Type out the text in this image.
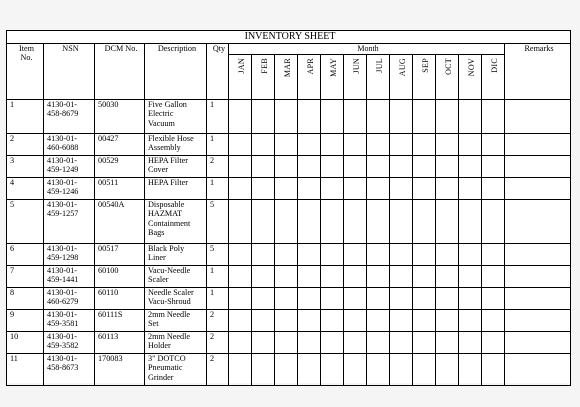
INVENTORY SHEET																	
Item
No.	NSN	DCM No.	Description	Qty	Month												Remarks
					JAN	FEB	MAR	APR	MAY	JUN	JUL	AUG	SEP	OCT	NOV	DIC	
1	4130-01-
458-8679	50030	Five Gallon
Electric
Vacuum	1													
2	4130-01-
460-6088	00427	Flexible Hose
Assembly	1													
3	4130-01-
459-1249	00529	HEPA Filter
Cover	2													
4	4130-01-
459-1246	00511	HEPA Filter	1													
5	4130-01-
459-1257	00540A	Disposable
HAZMAT
Containment
Bags	5													
6	4130-01-
459-1298	00517	Black Poly
Liner	5													
7	4130-01-
459-1441	60100	Vacu-Needle
Scaler	1													
8	4130-01-
460-6279	60110	Needle Scaler
Vacu-Shroud	1													
9	4130-01-
459-3581	60111S	2mm Needle
Set	2													
10	4130-01-
459-3582	60113	2mm Needle
Holder	2													
11	4130-01-
458-8673	170083	3" DOTCO
Pneumatic
Grinder	2													
